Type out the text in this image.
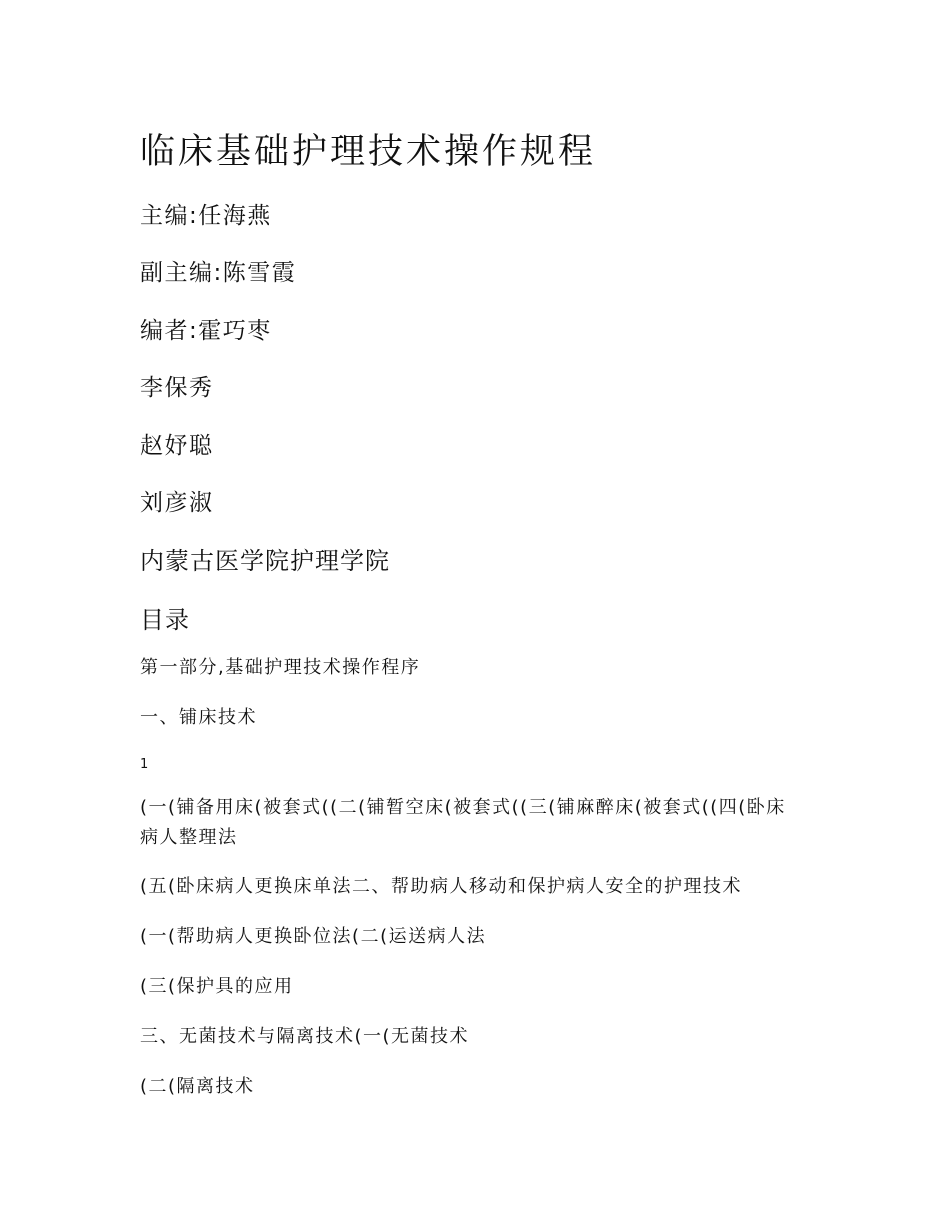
临床基础护理技术操作规程
主编:任海燕
副主编:陈雪霞
编者:霍巧枣
李保秀
赵妤聪
刘彦淑
内蒙古医学院护理学院
目录
第一部分,基础护理技术操作程序
一、铺床技术
1
(一(铺备用床(被套式((二(铺暂空床(被套式((三(铺麻醉床(被套式((四(卧床病人整理法
(五(卧床病人更换床单法二、帮助病人移动和保护病人安全的护理技术
(一(帮助病人更换卧位法(二(运送病人法
(三(保护具的应用
三、无菌技术与隔离技术(一(无菌技术
(二(隔离技术
